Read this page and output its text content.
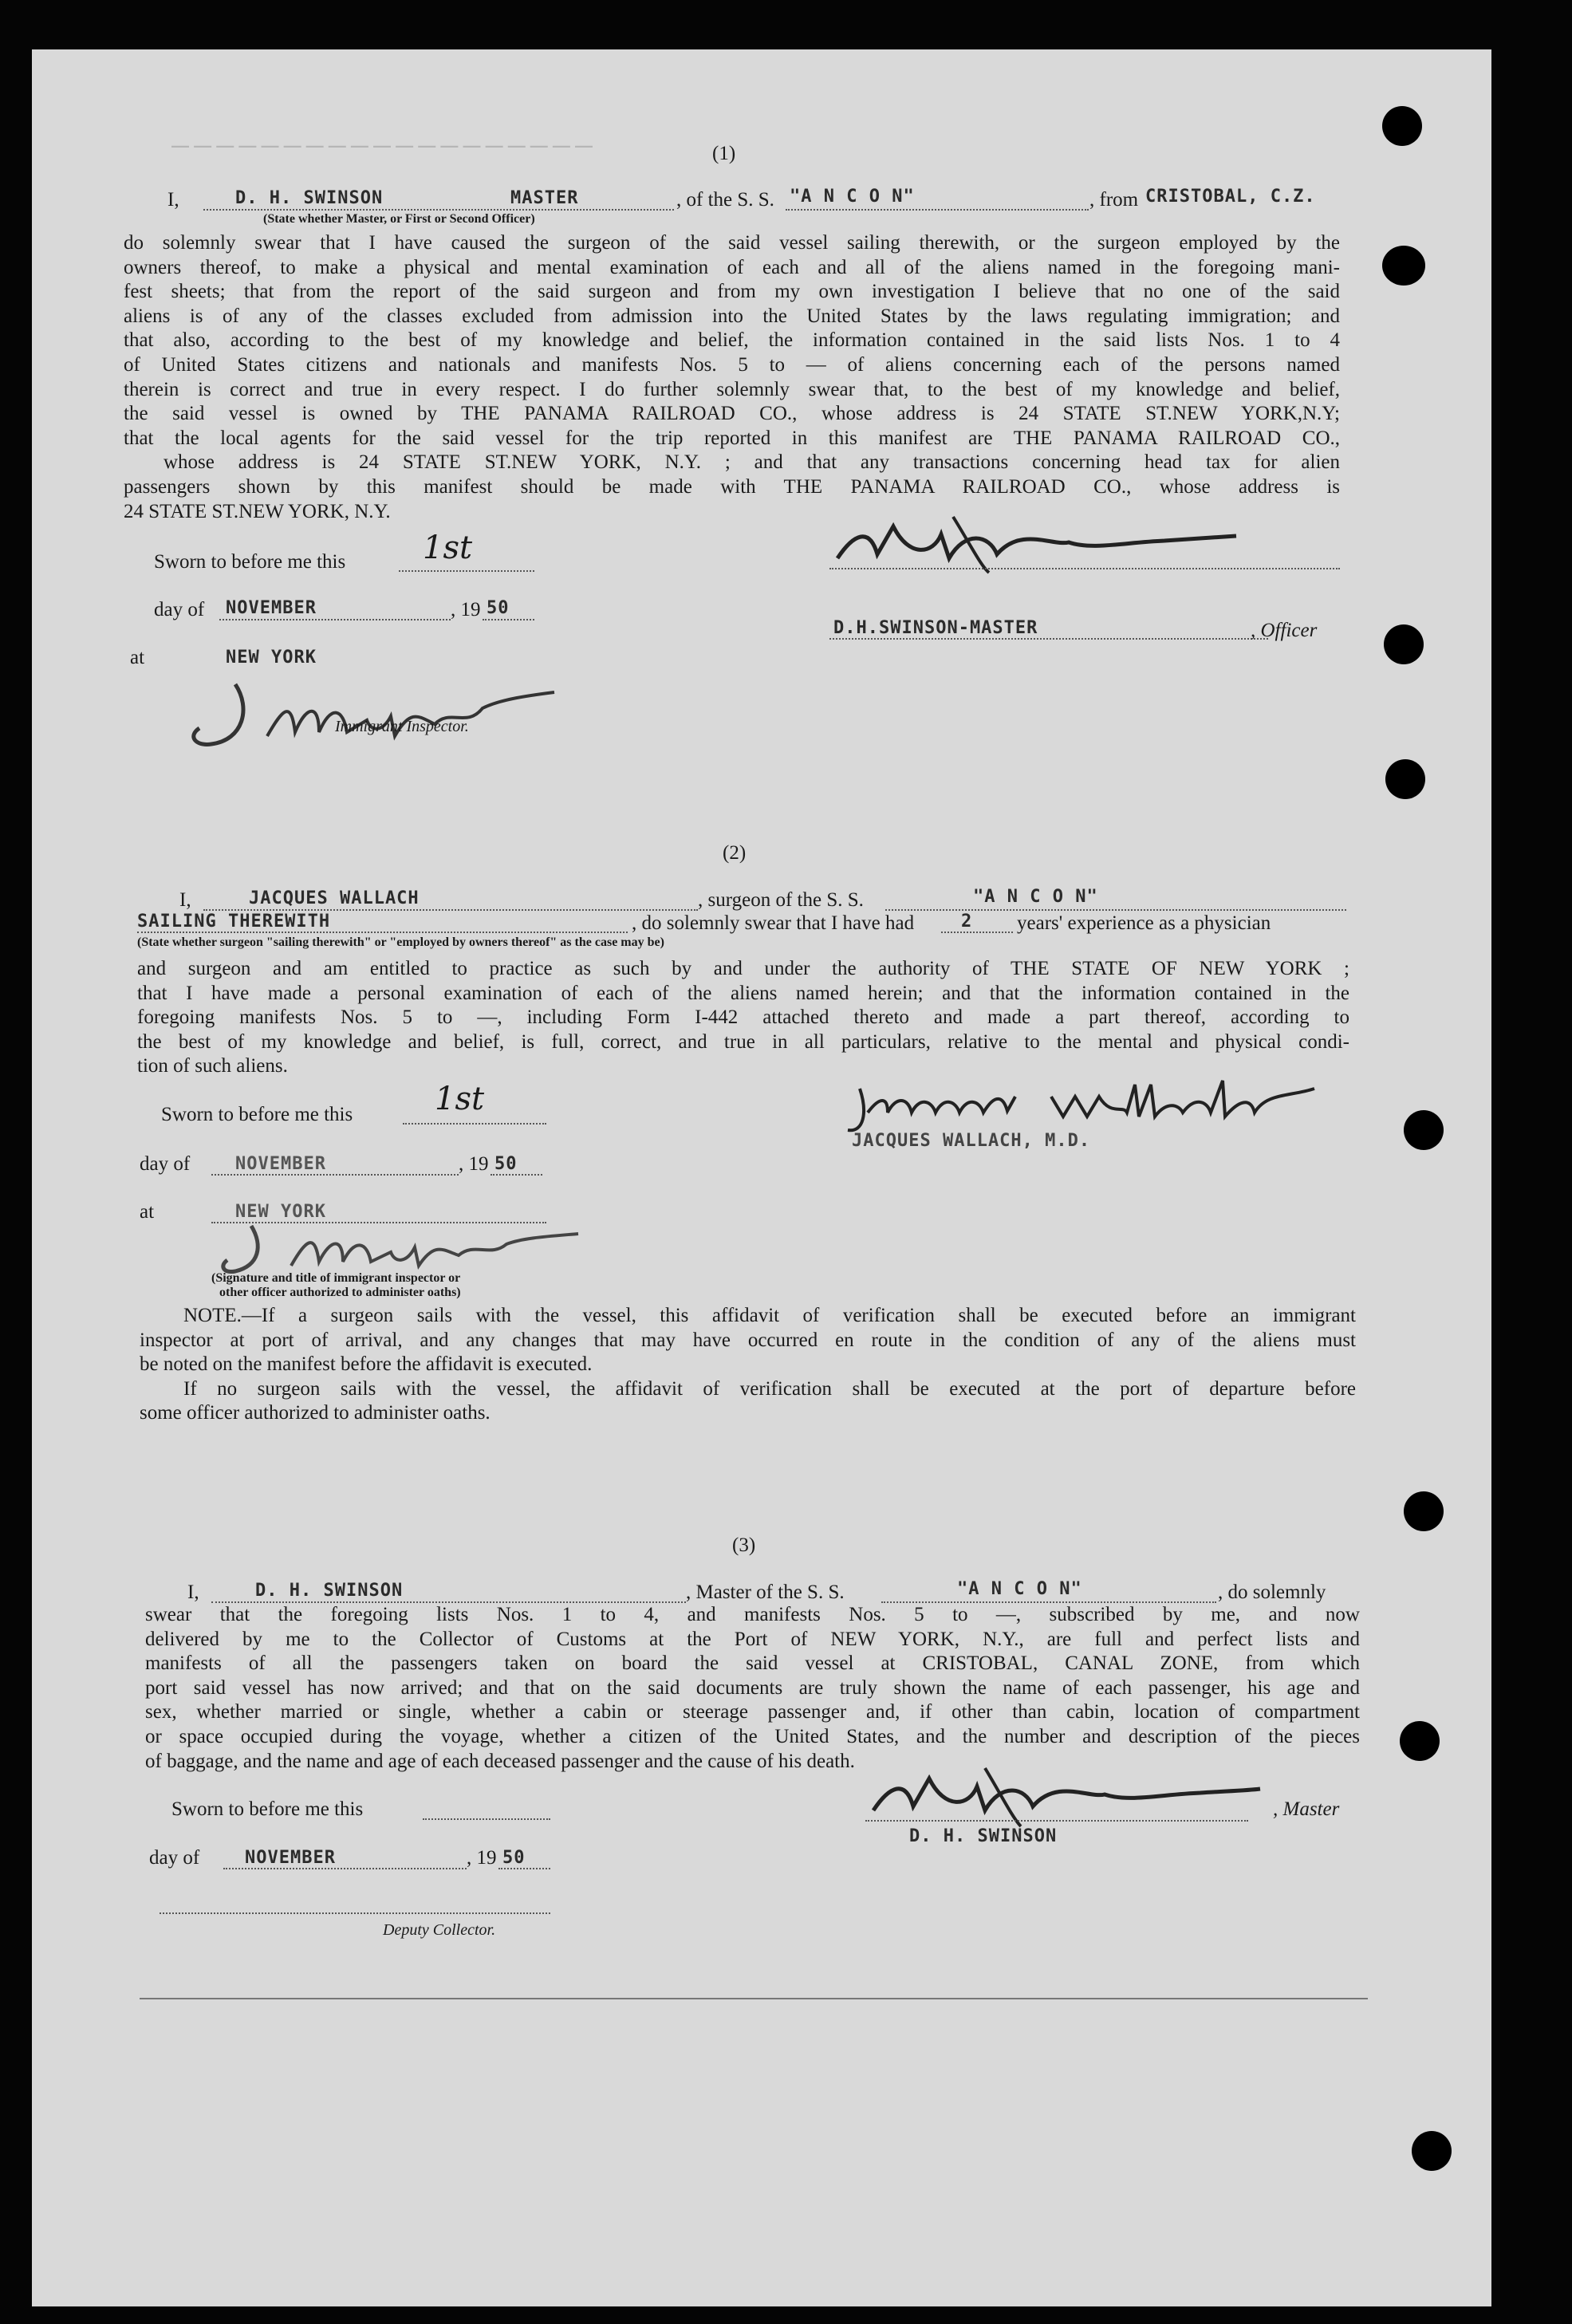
— — — — — — — — — — — — — — — — — — —	(1)
I,	D. H. SWINSON	MASTER	, of the S. S. "A N C O N"	, from CRISTOBAL, C.Z.
(State whether Master, or First or Second Officer)
do solemnly swear that I have caused the surgeon of the said vessel sailing therewith, or the surgeon employed by the
owners thereof, to make a physical and mental examination of each and all of the aliens named in the foregoing mani-
fest sheets; that from the report of the said surgeon and from my own investigation I believe that no one of the said
aliens is of any of the classes excluded from admission into the United States by the laws regulating immigration; and
that also, according to the best of my knowledge and belief, the information contained in the said lists Nos. 1 to 4
of United States citizens and nationals and manifests Nos. 5 to — of aliens concerning each of the persons named
therein is correct and true in every respect. I do further solemnly swear that, to the best of my knowledge and belief,
the said vessel is owned by THE PANAMA RAILROAD CO., whose address is 24 STATE ST.NEW YORK,N.Y;
that the local agents for the said vessel for the trip reported in this manifest are THE PANAMA RAILROAD CO.,
whose address is 24 STATE ST.NEW YORK, N.Y. ; and that any transactions concerning head tax for alien
passengers shown by this manifest should be made with THE PANAMA RAILROAD CO., whose address is
24 STATE ST.NEW YORK, N.Y.
Sworn to before me this 1st
day of NOVEMBER	, 19 50
at	NEW YORK
Immigrant Inspector.
D.H.SWINSON-MASTER	, Officer
(2)
I,	JACQUES WALLACH	, surgeon of the S. S.	"A N C O N"
SAILING THEREWITH	, do solemnly swear that I have had	2 years' experience as a physician
(State whether surgeon "sailing therewith" or "employed by owners thereof" as the case may be)
and surgeon and am entitled to practice as such by and under the authority of THE STATE OF NEW YORK ;
that I have made a personal examination of each of the aliens named herein; and that the information contained in the
foregoing manifests Nos. 5 to —, including Form I-442 attached thereto and made a part thereof, according to
the best of my knowledge and belief, is full, correct, and true in all particulars, relative to the mental and physical condi-
tion of such aliens.
Sworn to before me this	1st
day of	NOVEMBER	, 19 50
at	NEW YORK
(Signature and title of immigrant inspector or
other officer authorized to administer oaths)
JACQUES WALLACH, M.D.
NOTE.—If a surgeon sails with the vessel, this affidavit of verification shall be executed before an immigrant
inspector at port of arrival, and any changes that may have occurred en route in the condition of any of the aliens must
be noted on the manifest before the affidavit is executed.
If no surgeon sails with the vessel, the affidavit of verification shall be executed at the port of departure before
some officer authorized to administer oaths.
(3)
I,	D. H. SWINSON	, Master of the S. S.	"A N C O N"	, do solemnly
swear that the foregoing lists Nos. 1 to 4, and manifests Nos. 5 to —, subscribed by me, and now
delivered by me to the Collector of Customs at the Port of NEW YORK, N.Y., are full and perfect lists and
manifests of all the passengers taken on board the said vessel at CRISTOBAL, CANAL ZONE, from which
port said vessel has now arrived; and that on the said documents are truly shown the name of each passenger, his age and
sex, whether married or single, whether a cabin or steerage passenger and, if other than cabin, location of compartment
or space occupied during the voyage, whether a citizen of the United States, and the number and description of the pieces
of baggage, and the name and age of each deceased passenger and the cause of his death.
Sworn to before me this
day of	NOVEMBER	, 19 50
Deputy Collector.
, Master
D. H. SWINSON
